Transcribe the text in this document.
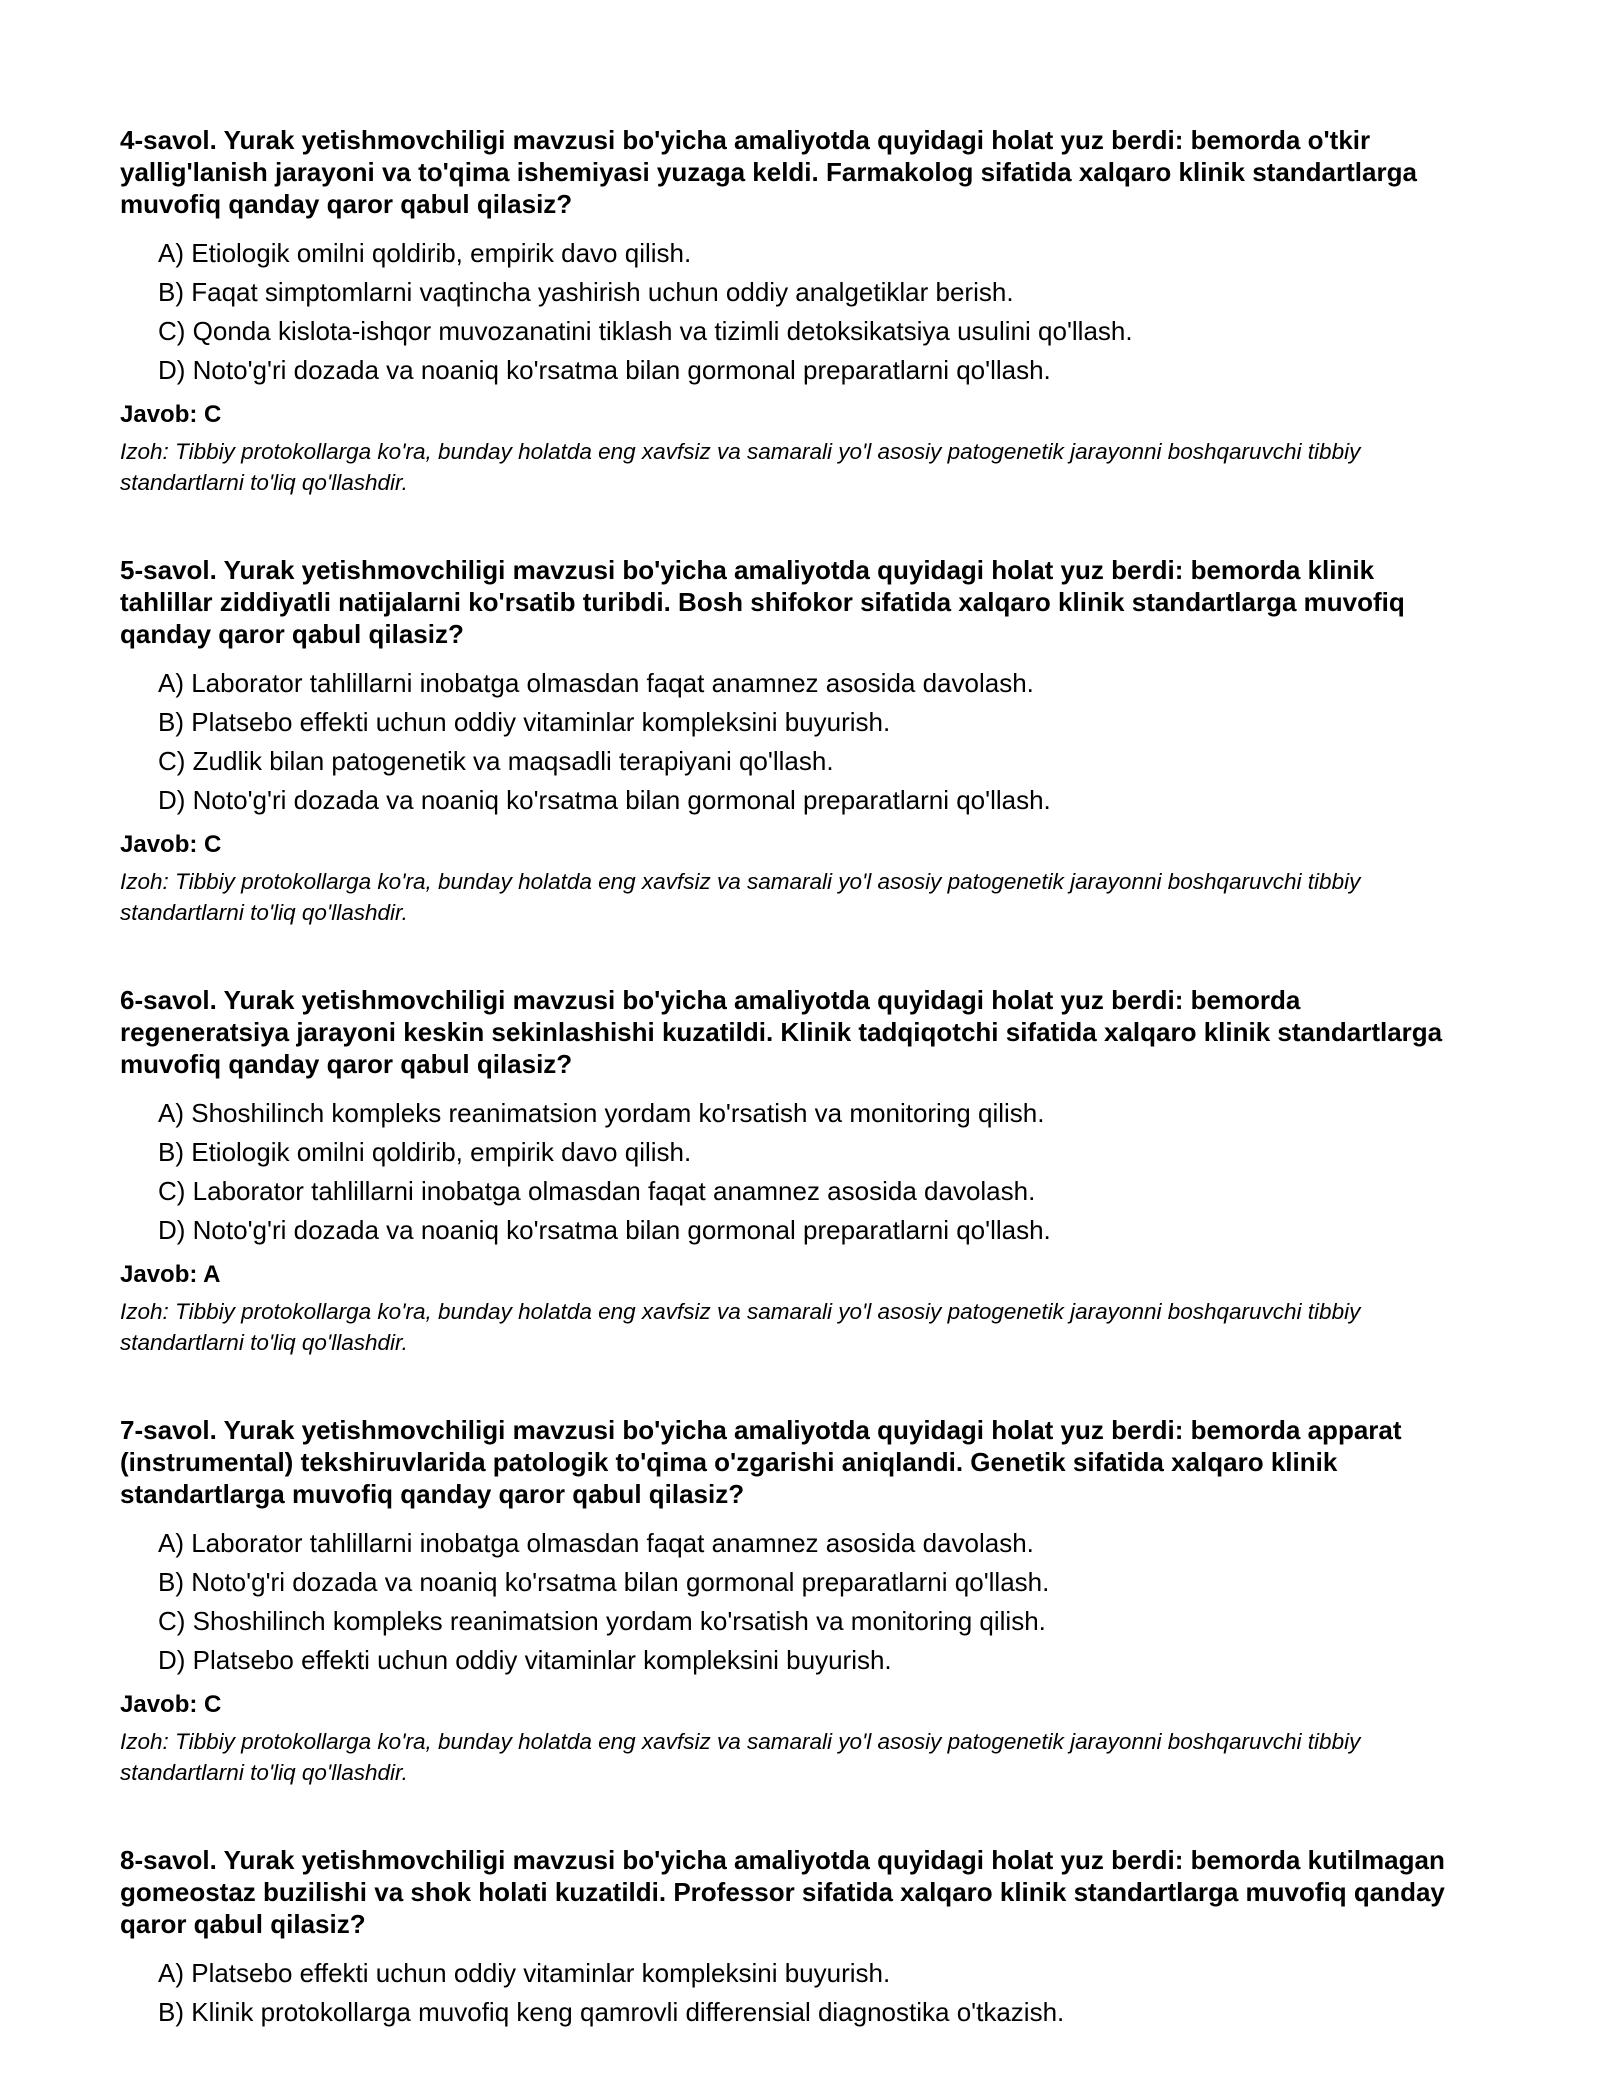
4-savol. Yurak yetishmovchiligi mavzusi bo'yicha amaliyotda quyidagi holat yuz berdi: bemorda o'tkir yallig'lanish jarayoni va to'qima ishemiyasi yuzaga keldi. Farmakolog sifatida xalqaro klinik standartlarga muvofiq qanday qaror qabul qilasiz?

A) Etiologik omilni qoldirib, empirik davo qilish.
B) Faqat simptomlarni vaqtincha yashirish uchun oddiy analgetiklar berish.
C) Qonda kislota-ishqor muvozanatini tiklash va tizimli detoksikatsiya usulini qo'llash.
D) Noto'g'ri dozada va noaniq ko'rsatma bilan gormonal preparatlarni qo'llash.

Javob: C

Izoh: Tibbiy protokollarga ko'ra, bunday holatda eng xavfsiz va samarali yo'l asosiy patogenetik jarayonni boshqaruvchi tibbiy standartlarni to'liq qo'llashdir.

5-savol. Yurak yetishmovchiligi mavzusi bo'yicha amaliyotda quyidagi holat yuz berdi: bemorda klinik tahlillar ziddiyatli natijalarni ko'rsatib turibdi. Bosh shifokor sifatida xalqaro klinik standartlarga muvofiq qanday qaror qabul qilasiz?

A) Laborator tahlillarni inobatga olmasdan faqat anamnez asosida davolash.
B) Platsebo effekti uchun oddiy vitaminlar kompleksini buyurish.
C) Zudlik bilan patogenetik va maqsadli terapiyani qo'llash.
D) Noto'g'ri dozada va noaniq ko'rsatma bilan gormonal preparatlarni qo'llash.

Javob: C

Izoh: Tibbiy protokollarga ko'ra, bunday holatda eng xavfsiz va samarali yo'l asosiy patogenetik jarayonni boshqaruvchi tibbiy standartlarni to'liq qo'llashdir.

6-savol. Yurak yetishmovchiligi mavzusi bo'yicha amaliyotda quyidagi holat yuz berdi: bemorda regeneratsiya jarayoni keskin sekinlashishi kuzatildi. Klinik tadqiqotchi sifatida xalqaro klinik standartlarga muvofiq qanday qaror qabul qilasiz?

A) Shoshilinch kompleks reanimatsion yordam ko'rsatish va monitoring qilish.
B) Etiologik omilni qoldirib, empirik davo qilish.
C) Laborator tahlillarni inobatga olmasdan faqat anamnez asosida davolash.
D) Noto'g'ri dozada va noaniq ko'rsatma bilan gormonal preparatlarni qo'llash.

Javob: A

Izoh: Tibbiy protokollarga ko'ra, bunday holatda eng xavfsiz va samarali yo'l asosiy patogenetik jarayonni boshqaruvchi tibbiy standartlarni to'liq qo'llashdir.

7-savol. Yurak yetishmovchiligi mavzusi bo'yicha amaliyotda quyidagi holat yuz berdi: bemorda apparat (instrumental) tekshiruvlarida patologik to'qima o'zgarishi aniqlandi. Genetik sifatida xalqaro klinik standartlarga muvofiq qanday qaror qabul qilasiz?

A) Laborator tahlillarni inobatga olmasdan faqat anamnez asosida davolash.
B) Noto'g'ri dozada va noaniq ko'rsatma bilan gormonal preparatlarni qo'llash.
C) Shoshilinch kompleks reanimatsion yordam ko'rsatish va monitoring qilish.
D) Platsebo effekti uchun oddiy vitaminlar kompleksini buyurish.

Javob: C

Izoh: Tibbiy protokollarga ko'ra, bunday holatda eng xavfsiz va samarali yo'l asosiy patogenetik jarayonni boshqaruvchi tibbiy standartlarni to'liq qo'llashdir.

8-savol. Yurak yetishmovchiligi mavzusi bo'yicha amaliyotda quyidagi holat yuz berdi: bemorda kutilmagan gomeostaz buzilishi va shok holati kuzatildi. Professor sifatida xalqaro klinik standartlarga muvofiq qanday qaror qabul qilasiz?

A) Platsebo effekti uchun oddiy vitaminlar kompleksini buyurish.
B) Klinik protokollarga muvofiq keng qamrovli differensial diagnostika o'tkazish.
